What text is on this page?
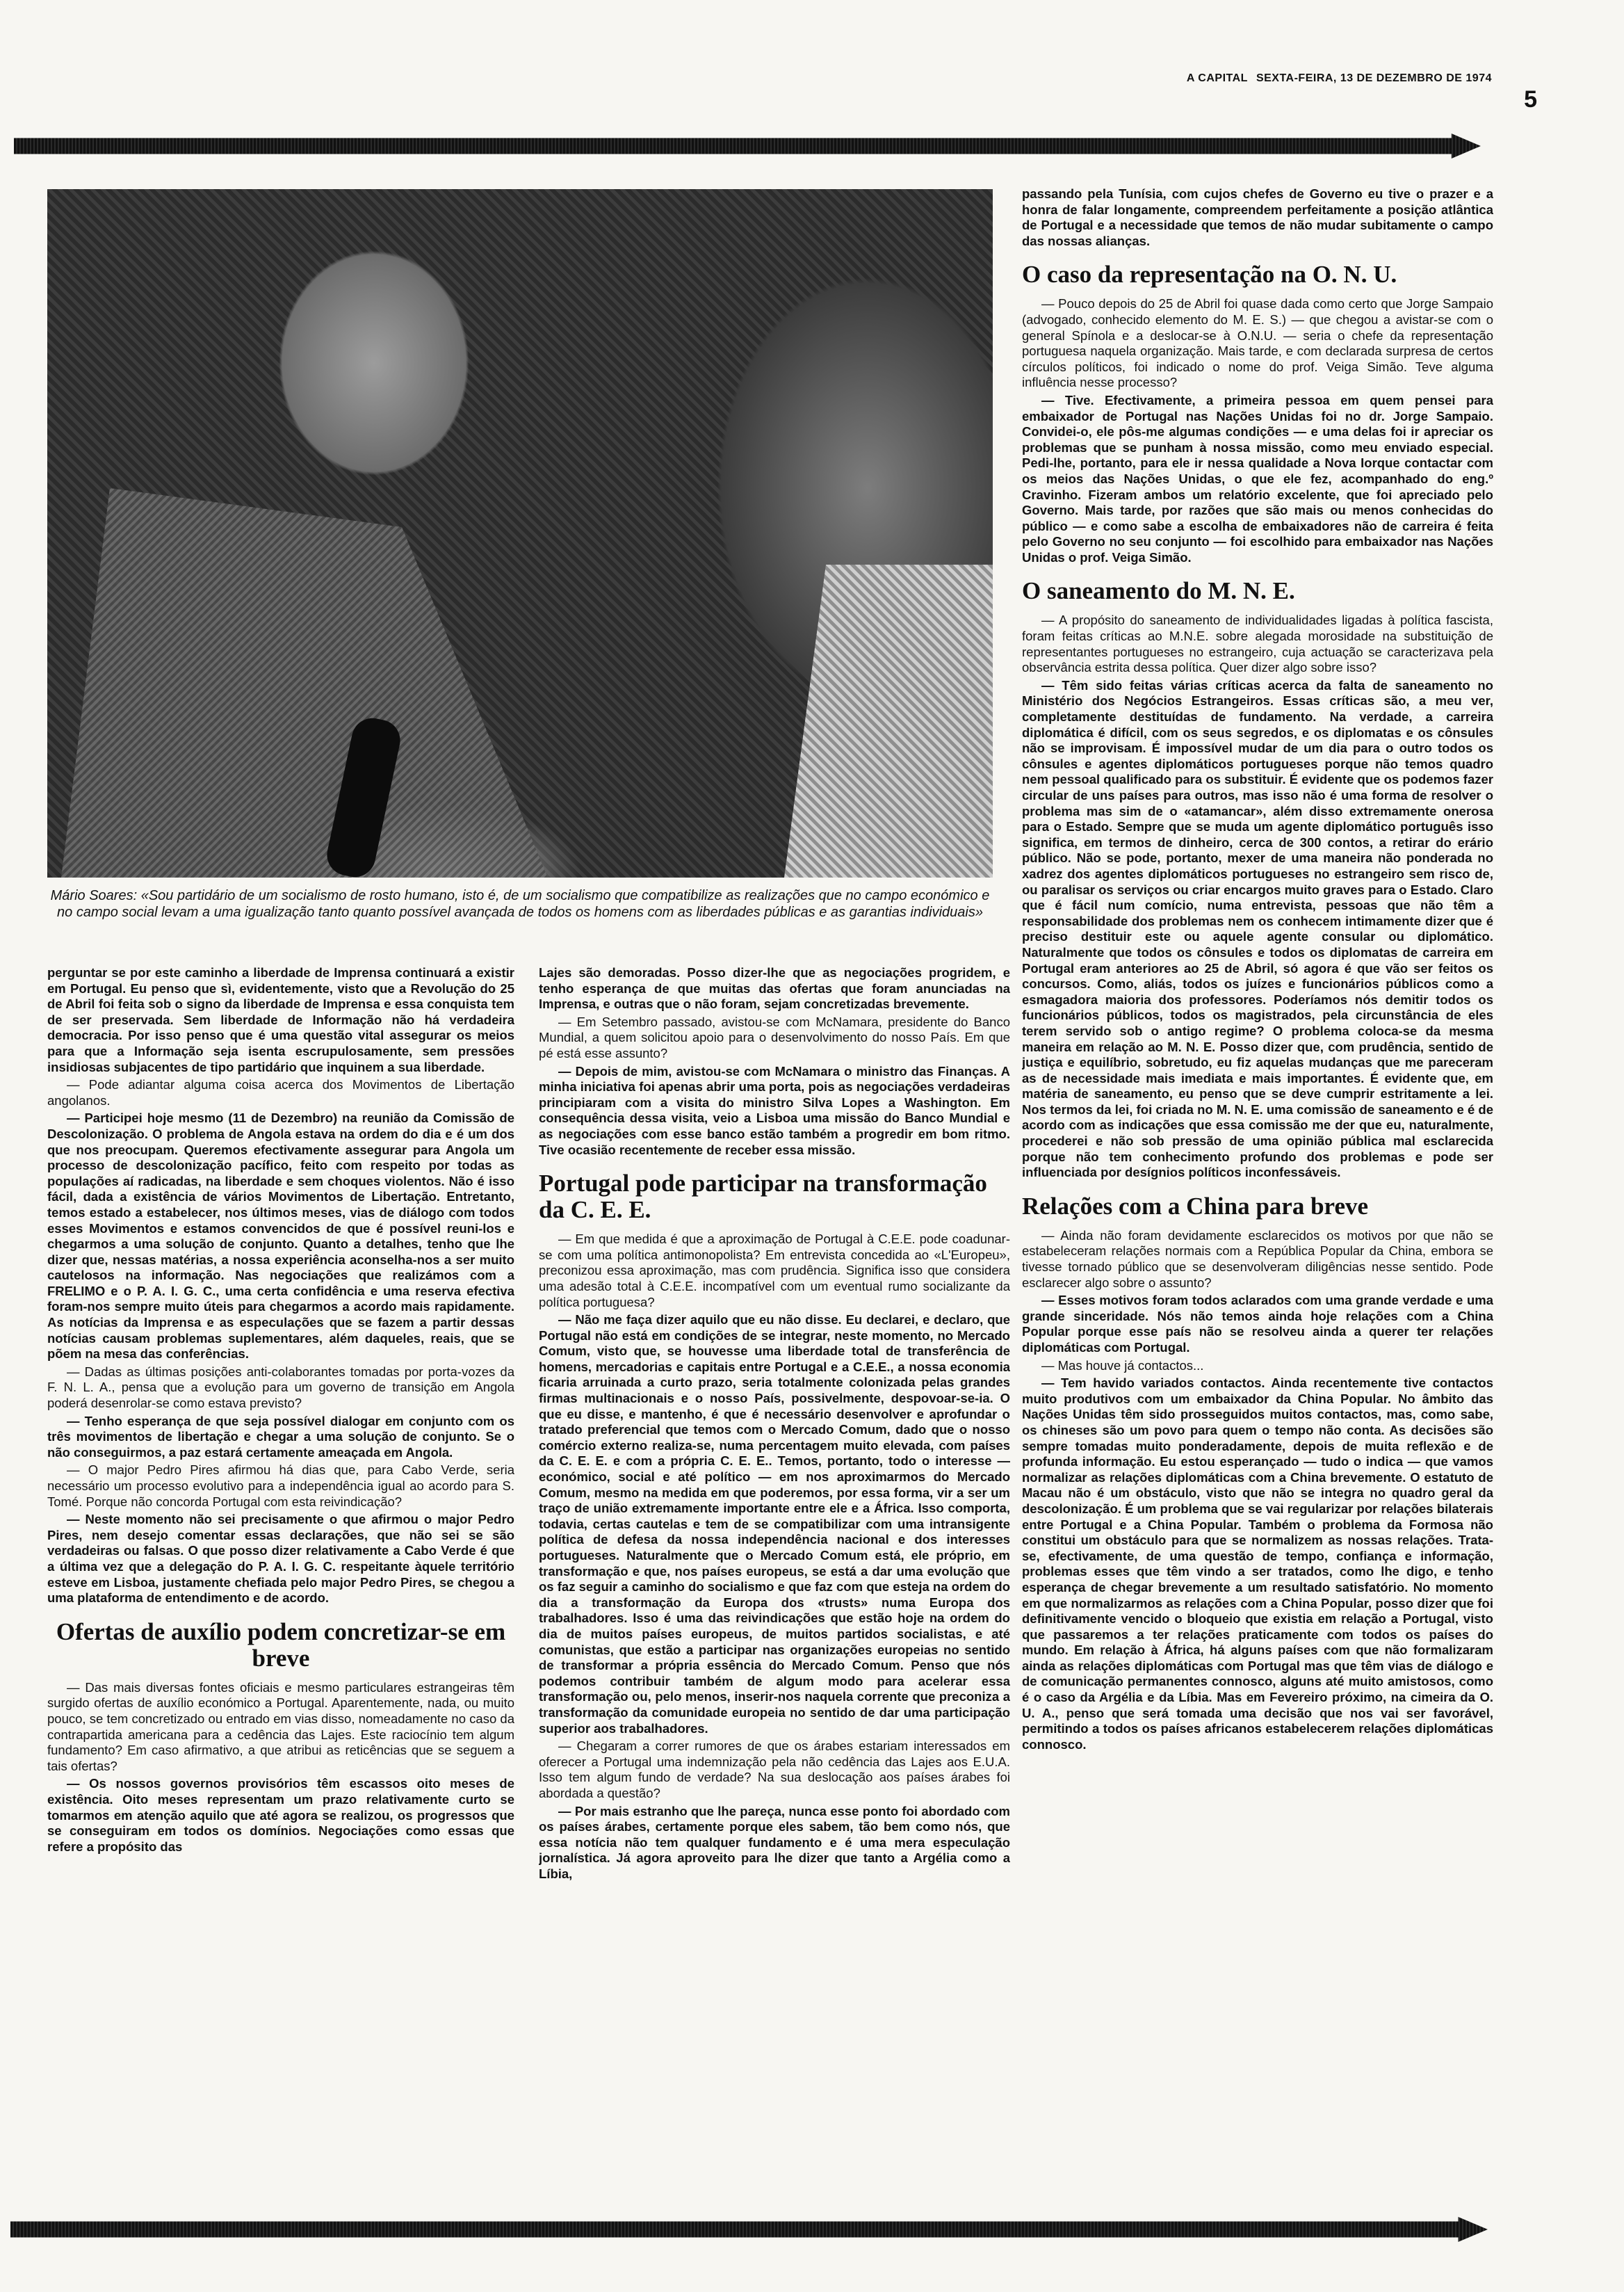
A CAPITAL SEXTA-FEIRA, 13 DE DEZEMBRO DE 1974
5
Mário Soares: «Sou partidário de um socialismo de rosto humano, isto é, de um socialismo que compatibilize as realizações que no campo económico e no campo social levam a uma igualização tanto quanto possível avançada de todos os homens com as liberdades públicas e as garantias individuais»

perguntar se por este caminho a liberdade de Imprensa continuará a existir em Portugal. Eu penso que sì, evidentemente, visto que a Revolução do 25 de Abril foi feita sob o signo da liberdade de Imprensa e essa conquista tem de ser preservada. Sem liberdade de Informação não há verdadeira democracia. Por isso penso que é uma questão vital assegurar os meios para que a Informação seja isenta escrupulosamente, sem pressões insidiosas subjacentes de tipo partidário que inquinem a sua liberdade.

— Pode adiantar alguma coisa acerca dos Movimentos de Libertação angolanos.

— Participei hoje mesmo (11 de Dezembro) na reunião da Comissão de Descolonização. O problema de Angola estava na ordem do dia e é um dos que nos preocupam. Queremos efectivamente assegurar para Angola um processo de descolonização pacífico, feito com respeito por todas as populações aí radicadas, na liberdade e sem choques violentos. Não é isso fácil, dada a existência de vários Movimentos de Libertação. Entretanto, temos estado a estabelecer, nos últimos meses, vias de diálogo com todos esses Movimentos e estamos convencidos de que é possível reuni-los e chegarmos a uma solução de conjunto. Quanto a detalhes, tenho que lhe dizer que, nessas matérias, a nossa experiência aconselha-nos a ser muito cautelosos na informação. Nas negociações que realizámos com a FRELIMO e o P. A. I. G. C., uma certa confidência e uma reserva efectiva foram-nos sempre muito úteis para chegarmos a acordo mais rapidamente. As notícias da Imprensa e as especulações que se fazem a partir dessas notícias causam problemas suplementares, além daqueles, reais, que se põem na mesa das conferências.

— Dadas as últimas posições anti-colaborantes tomadas por porta-vozes da F. N. L. A., pensa que a evolução para um governo de transição em Angola poderá desenrolar-se como estava previsto?

— Tenho esperança de que seja possível dialogar em conjunto com os três movimentos de libertação e chegar a uma solução de conjunto. Se o não conseguirmos, a paz estará certamente ameaçada em Angola.

— O major Pedro Pires afirmou há dias que, para Cabo Verde, seria necessário um processo evolutivo para a independência igual ao acordo para S. Tomé. Porque não concorda Portugal com esta reivindicação?

— Neste momento não sei precisamente o que afirmou o major Pedro Pires, nem desejo comentar essas declarações, que não sei se são verdadeiras ou falsas. O que posso dizer relativamente a Cabo Verde é que a última vez que a delegação do P. A. I. G. C. respeitante àquele território esteve em Lisboa, justamente chefiada pelo major Pedro Pires, se chegou a uma plataforma de entendimento e de acordo.

Ofertas de auxílio podem concretizar-se em breve

— Das mais diversas fontes oficiais e mesmo particulares estrangeiras têm surgido ofertas de auxílio económico a Portugal. Aparentemente, nada, ou muito pouco, se tem concretizado ou entrado em vias disso, nomeadamente no caso da contrapartida americana para a cedência das Lajes. Este raciocínio tem algum fundamento? Em caso afirmativo, a que atribui as reticências que se seguem a tais ofertas?

— Os nossos governos provisórios têm escassos oito meses de existência. Oito meses representam um prazo relativamente curto se tomarmos em atenção aquilo que até agora se realizou, os progressos que se conseguiram em todos os domínios. Negociações como essas que refere a propósito das

Lajes são demoradas. Posso dizer-lhe que as negociações progridem, e tenho esperança de que muitas das ofertas que foram anunciadas na Imprensa, e outras que o não foram, sejam concretizadas brevemente.

— Em Setembro passado, avistou-se com McNamara, presidente do Banco Mundial, a quem solicitou apoio para o desenvolvimento do nosso País. Em que pé está esse assunto?

— Depois de mim, avistou-se com McNamara o ministro das Finanças. A minha iniciativa foi apenas abrir uma porta, pois as negociações verdadeiras principiaram com a visita do ministro Silva Lopes a Washington. Em consequência dessa visita, veio a Lisboa uma missão do Banco Mundial e as negociações com esse banco estão também a progredir em bom ritmo. Tive ocasião recentemente de receber essa missão.

Portugal pode participar na transformação da C. E. E.

— Em que medida é que a aproximação de Portugal à C.E.E. pode coadunar-se com uma política antimonopolista? Em entrevista concedida ao «L'Europeu», preconizou essa aproximação, mas com prudência. Significa isso que considera uma adesão total à C.E.E. incompatível com um eventual rumo socializante da política portuguesa?

— Não me faça dizer aquilo que eu não disse. Eu declarei, e declaro, que Portugal não está em condições de se integrar, neste momento, no Mercado Comum, visto que, se houvesse uma liberdade total de transferência de homens, mercadorias e capitais entre Portugal e a C.E.E., a nossa economia ficaria arruinada a curto prazo, seria totalmente colonizada pelas grandes firmas multinacionais e o nosso País, possivelmente, despovoar-se-ia. O que eu disse, e mantenho, é que é necessário desenvolver e aprofundar o tratado preferencial que temos com o Mercado Comum, dado que o nosso comércio externo realiza-se, numa percentagem muito elevada, com países da C. E. E. e com a própria C. E. E.. Temos, portanto, todo o interesse — económico, social e até político — em nos aproximarmos do Mercado Comum, mesmo na medida em que poderemos, por essa forma, vir a ser um traço de união extremamente importante entre ele e a África. Isso comporta, todavia, certas cautelas e tem de se compatibilizar com uma intransigente política de defesa da nossa independência nacional e dos interesses portugueses. Naturalmente que o Mercado Comum está, ele próprio, em transformação e que, nos países europeus, se está a dar uma evolução que os faz seguir a caminho do socialismo e que faz com que esteja na ordem do dia a transformação da Europa dos «trusts» numa Europa dos trabalhadores. Isso é uma das reivindicações que estão hoje na ordem do dia de muitos países europeus, de muitos partidos socialistas, e até comunistas, que estão a participar nas organizações europeias no sentido de transformar a própria essência do Mercado Comum. Penso que nós podemos contribuir também de algum modo para acelerar essa transformação ou, pelo menos, inserir-nos naquela corrente que preconiza a transformação da comunidade europeia no sentido de dar uma participação superior aos trabalhadores.

— Chegaram a correr rumores de que os árabes estariam interessados em oferecer a Portugal uma indemnização pela não cedência das Lajes aos E.U.A. Isso tem algum fundo de verdade? Na sua deslocação aos países árabes foi abordada a questão?

— Por mais estranho que lhe pareça, nunca esse ponto foi abordado com os países árabes, certamente porque eles sabem, tão bem como nós, que essa notícia não tem qualquer fundamento e é uma mera especulação jornalística. Já agora aproveito para lhe dizer que tanto a Argélia como a Líbia,

passando pela Tunísia, com cujos chefes de Governo eu tive o prazer e a honra de falar longamente, compreendem perfeitamente a posição atlântica de Portugal e a necessidade que temos de não mudar subitamente o campo das nossas alianças.

O caso da representação na O. N. U.

— Pouco depois do 25 de Abril foi quase dada como certo que Jorge Sampaio (advogado, conhecido elemento do M. E. S.) — que chegou a avistar-se com o general Spínola e a deslocar-se à O.N.U. — seria o chefe da representação portuguesa naquela organização. Mais tarde, e com declarada surpresa de certos círculos políticos, foi indicado o nome do prof. Veiga Simão. Teve alguma influência nesse processo?

— Tive. Efectivamente, a primeira pessoa em quem pensei para embaixador de Portugal nas Nações Unidas foi no dr. Jorge Sampaio. Convidei-o, ele pôs-me algumas condições — e uma delas foi ir apreciar os problemas que se punham à nossa missão, como meu enviado especial. Pedi-lhe, portanto, para ele ir nessa qualidade a Nova Iorque contactar com os meios das Nações Unidas, o que ele fez, acompanhado do eng.º Cravinho. Fizeram ambos um relatório excelente, que foi apreciado pelo Governo. Mais tarde, por razões que são mais ou menos conhecidas do público — e como sabe a escolha de embaixadores não de carreira é feita pelo Governo no seu conjunto — foi escolhido para embaixador nas Nações Unidas o prof. Veiga Simão.

O saneamento do M. N. E.

— A propósito do saneamento de individualidades ligadas à política fascista, foram feitas críticas ao M.N.E. sobre alegada morosidade na substituição de representantes portugueses no estrangeiro, cuja actuação se caracterizava pela observância estrita dessa política. Quer dizer algo sobre isso?

— Têm sido feitas várias críticas acerca da falta de saneamento no Ministério dos Negócios Estrangeiros. Essas críticas são, a meu ver, completamente destituídas de fundamento. Na verdade, a carreira diplomática é difícil, com os seus segredos, e os diplomatas e os cônsules não se improvisam. É impossível mudar de um dia para o outro todos os cônsules e agentes diplomáticos portugueses porque não temos quadro nem pessoal qualificado para os substituir. É evidente que os podemos fazer circular de uns países para outros, mas isso não é uma forma de resolver o problema mas sim de o «atamancar», além disso extremamente onerosa para o Estado. Sempre que se muda um agente diplomático português isso significa, em termos de dinheiro, cerca de 300 contos, a retirar do erário público. Não se pode, portanto, mexer de uma maneira não ponderada no xadrez dos agentes diplomáticos portugueses no estrangeiro sem risco de, ou paralisar os serviços ou criar encargos muito graves para o Estado. Claro que é fácil num comício, numa entrevista, pessoas que não têm a responsabilidade dos problemas nem os conhecem intimamente dizer que é preciso destituir este ou aquele agente consular ou diplomático. Naturalmente que todos os cônsules e todos os diplomatas de carreira em Portugal eram anteriores ao 25 de Abril, só agora é que vão ser feitos os concursos. Como, aliás, todos os juízes e funcionários públicos como a esmagadora maioria dos professores. Poderíamos nós demitir todos os funcionários públicos, todos os magistrados, pela circunstância de eles terem servido sob o antigo regime? O problema coloca-se da mesma maneira em relação ao M. N. E. Posso dizer que, com prudência, sentido de justiça e equilíbrio, sobretudo, eu fiz aquelas mudanças que me pareceram as de necessidade mais imediata e mais importantes. É evidente que, em matéria de saneamento, eu penso que se deve cumprir estritamente a lei. Nos termos da lei, foi criada no M. N. E. uma comissão de saneamento e é de acordo com as indicações que essa comissão me der que eu, naturalmente, procederei e não sob pressão de uma opinião pública mal esclarecida porque não tem conhecimento profundo dos problemas e pode ser influenciada por desígnios políticos inconfessáveis.

Relações com a China para breve

— Ainda não foram devidamente esclarecidos os motivos por que não se estabeleceram relações normais com a República Popular da China, embora se tivesse tornado público que se desenvolveram diligências nesse sentido. Pode esclarecer algo sobre o assunto?

— Esses motivos foram todos aclarados com uma grande verdade e uma grande sinceridade. Nós não temos ainda hoje relações com a China Popular porque esse país não se resolveu ainda a querer ter relações diplomáticas com Portugal.

— Mas houve já contactos...

— Tem havido variados contactos. Ainda recentemente tive contactos muito produtivos com um embaixador da China Popular. No âmbito das Nações Unidas têm sido prosseguidos muitos contactos, mas, como sabe, os chineses são um povo para quem o tempo não conta. As decisões são sempre tomadas muito ponderadamente, depois de muita reflexão e de profunda informação. Eu estou esperançado — tudo o indica — que vamos normalizar as relações diplomáticas com a China brevemente. O estatuto de Macau não é um obstáculo, visto que não se integra no quadro geral da descolonização. É um problema que se vai regularizar por relações bilaterais entre Portugal e a China Popular. Também o problema da Formosa não constitui um obstáculo para que se normalizem as nossas relações. Trata-se, efectivamente, de uma questão de tempo, confiança e informação, problemas esses que têm vindo a ser tratados, como lhe digo, e tenho esperança de chegar brevemente a um resultado satisfatório. No momento em que normalizarmos as relações com a China Popular, posso dizer que foi definitivamente vencido o bloqueio que existia em relação a Portugal, visto que passaremos a ter relações praticamente com todos os países do mundo. Em relação à África, há alguns países com que não formalizaram ainda as relações diplomáticas com Portugal mas que têm vias de diálogo e de comunicação permanentes connosco, alguns até muito amistosos, como é o caso da Argélia e da Líbia. Mas em Fevereiro próximo, na cimeira da O. U. A., penso que será tomada uma decisão que nos vai ser favorável, permitindo a todos os países africanos estabelecerem relações diplomáticas connosco.
